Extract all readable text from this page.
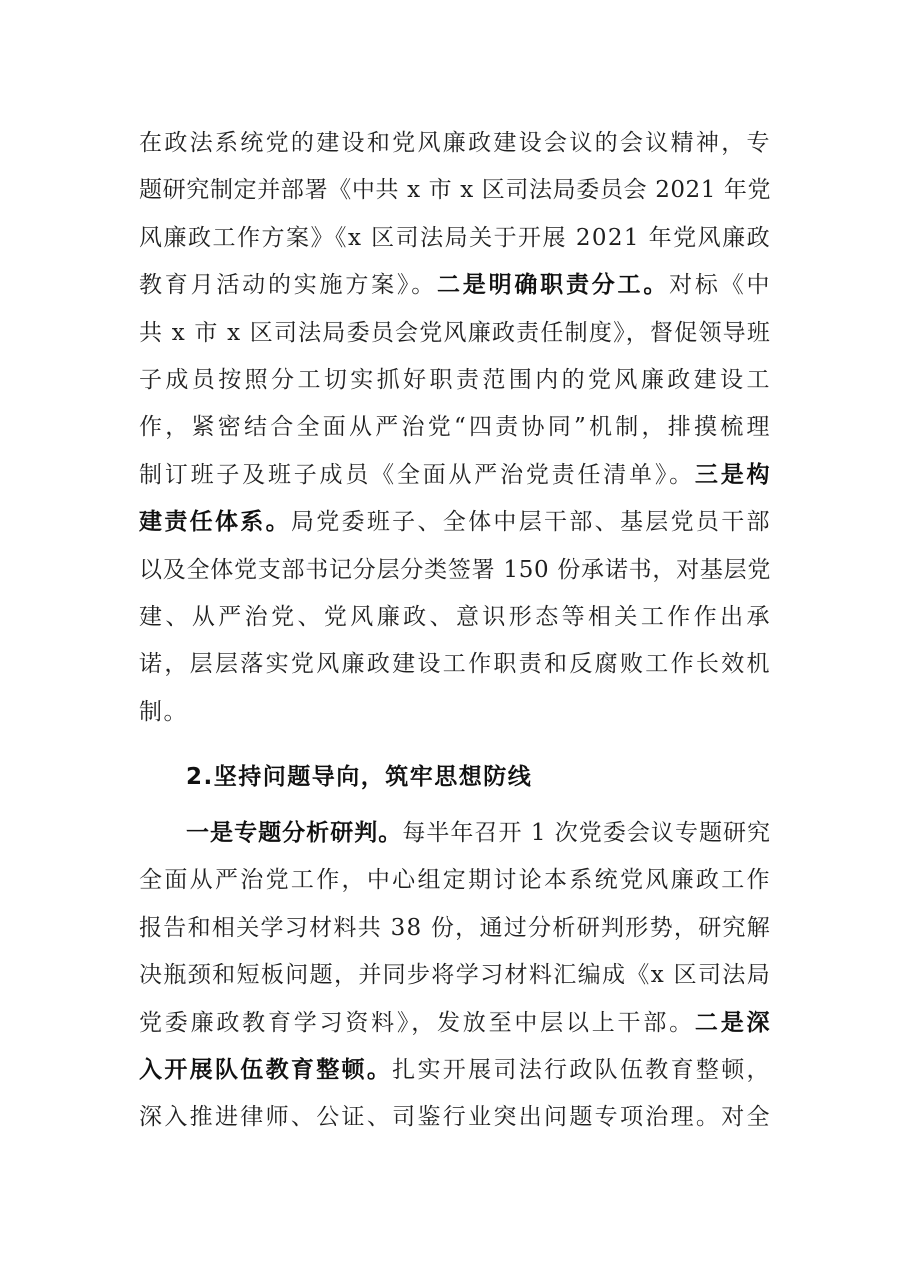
在政法系统党的建设和党风廉政建设会议的会议精神，专
题研究制定并部署《中共 x 市 x 区司法局委员会 2021 年党
风廉政工作方案》《x 区司法局关于开展 2021 年党风廉政
教育月活动的实施方案》。二是明确职责分工。对标《中
共 x 市 x 区司法局委员会党风廉政责任制度》，督促领导班
子成员按照分工切实抓好职责范围内的党风廉政建设工
作，紧密结合全面从严治党“四责协同”机制，排摸梳理
制订班子及班子成员《全面从严治党责任清单》。三是构
建责任体系。局党委班子、全体中层干部、基层党员干部
以及全体党支部书记分层分类签署 150 份承诺书，对基层党
建、从严治党、党风廉政、意识形态等相关工作作出承
诺，层层落实党风廉政建设工作职责和反腐败工作长效机
制。
2.坚持问题导向，筑牢思想防线
一是专题分析研判。每半年召开 1 次党委会议专题研究
全面从严治党工作，中心组定期讨论本系统党风廉政工作
报告和相关学习材料共 38 份，通过分析研判形势，研究解
决瓶颈和短板问题，并同步将学习材料汇编成《x 区司法局
党委廉政教育学习资料》，发放至中层以上干部。二是深
入开展队伍教育整顿。扎实开展司法行政队伍教育整顿，
深入推进律师、公证、司鉴行业突出问题专项治理。对全
